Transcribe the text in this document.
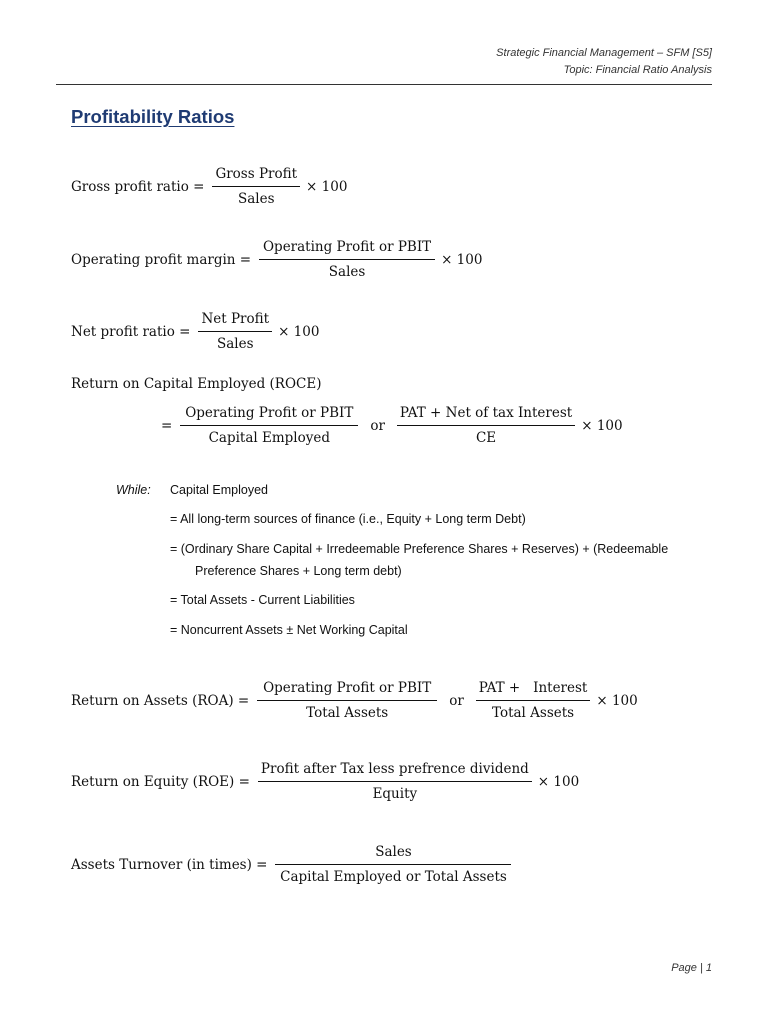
Strategic Financial Management – SFM [S5]
Topic: Financial Ratio Analysis
Profitability Ratios
Gross profit ratio = $\frac{\text{Gross Profit}}{\text{Sales}} \times 100$
Operating profit margin = $\frac{\text{Operating Profit or PBIT}}{\text{Sales}} \times 100$
Net profit ratio = $\frac{\text{Net Profit}}{\text{Sales}} \times 100$
Return on Capital Employed (ROCE)
= $\frac{\text{Operating Profit or PBIT}}{\text{Capital Employed}}$ or $\frac{\text{PAT + Net of tax Interest}}{CE} \times 100$
While: Capital Employed
= All long-term sources of finance (i.e., Equity + Long term Debt)
= (Ordinary Share Capital + Irredeemable Preference Shares + Reserves) + (Redeemable
Preference Shares + Long term debt)
= Total Assets - Current Liabilities
= Noncurrent Assets ± Net Working Capital
Return on Assets $(ROA) = \frac{\text{Operating Profit or PBIT}}{\text{Total Assets}}$ or $\frac{\text{PAT +   Interest}}{\text{Total Assets}} \times 100$
Return on Equity $(ROE) = \frac{\text{Profit after Tax less prefrence dividend}}{\text{Equity}} \times 100$
Assets Turnover (in times) = $\frac{\text{Sales}}{\text{Capital Employed or Total Assets}}$
Page | 1
